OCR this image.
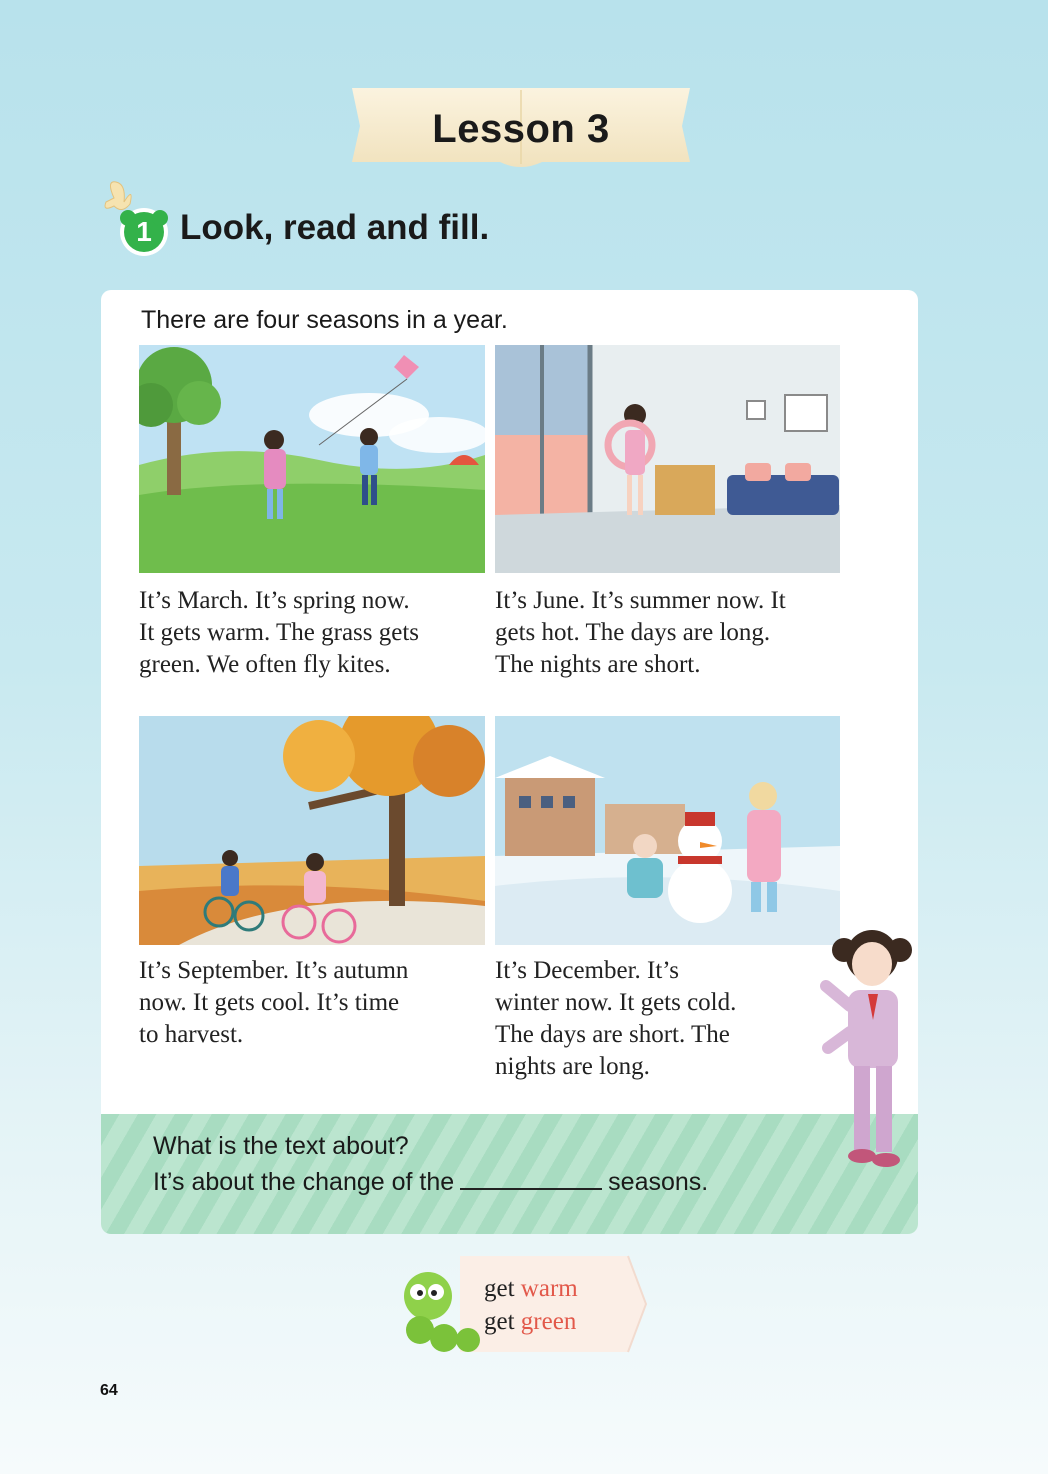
Lesson 3
1 Look, read and fill.
There are four seasons in a year.
It’s March. It’s spring now.
It gets warm. The grass gets
green. We often fly kites.
It’s June. It’s summer now. It
gets hot. The days are long.
The nights are short.
It’s September. It’s autumn
now. It gets cool. It’s time
to harvest.
It’s December. It’s
winter now. It gets cold.
The days are short. The
nights are long.
What is the text about?
It’s about the change of the	seasons.
get warm
get green
64
